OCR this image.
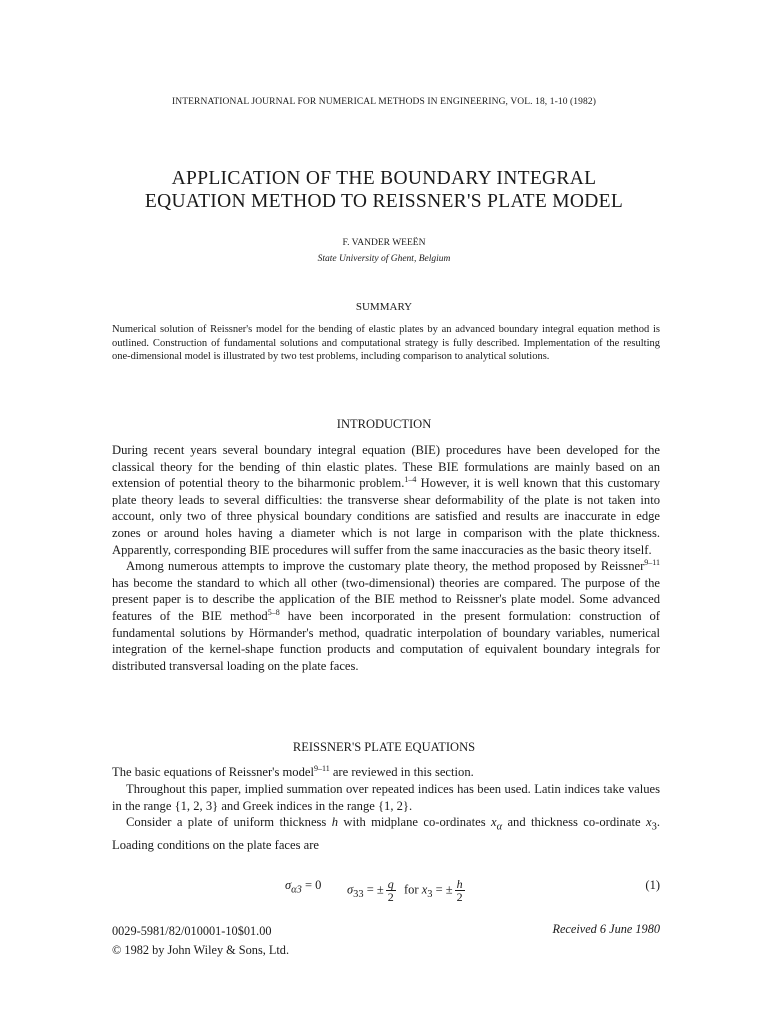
INTERNATIONAL JOURNAL FOR NUMERICAL METHODS IN ENGINEERING, VOL. 18, 1-10 (1982)
APPLICATION OF THE BOUNDARY INTEGRAL
EQUATION METHOD TO REISSNER'S PLATE MODEL
F. VANDER WEEËN
State University of Ghent, Belgium
SUMMARY
Numerical solution of Reissner's model for the bending of elastic plates by an advanced boundary integral equation method is outlined. Construction of fundamental solutions and computational strategy is fully described. Implementation of the resulting one-dimensional model is illustrated by two test problems, including comparison to analytical solutions.
INTRODUCTION

During recent years several boundary integral equation (BIE) procedures have been developed for the classical theory for the bending of thin elastic plates. These BIE formulations are mainly based on an extension of potential theory to the biharmonic problem.$^{1-4}$ However, it is well known that this customary plate theory leads to several difficulties: the transverse shear deformability of the plate is not taken into account, only two of three physical boundary conditions are satisfied and results are inaccurate in edge zones or around holes having a diameter which is not large in comparison with the plate thickness. Apparently, corresponding BIE procedures will suffer from the same inaccuracies as the basic theory itself.

Among numerous attempts to improve the customary plate theory, the method proposed by Reissner$^{9-11}$ has become the standard to which all other (two-dimensional) theories are compared. The purpose of the present paper is to describe the application of the BIE method to Reissner's plate model. Some advanced features of the BIE method$^{5-8}$ have been incorporated in the present formulation: construction of fundamental solutions by Hörmander's method, quadratic interpolation of boundary variables, numerical integration of the kernel-shape function products and computation of equivalent boundary integrals for distributed transversal loading on the plate faces.

REISSNER'S PLATE EQUATIONS

The basic equations of Reissner's model$^{9-11}$ are reviewed in this section.

Throughout this paper, implied summation over repeated indices has been used. Latin indices take values in the range {1, 2, 3} and Greek indices in the range {1, 2}.

Consider a plate of uniform thickness h with midplane co-ordinates $x_\alpha$ and thickness co-ordinate $x_3$. Loading conditions on the plate faces are

$\sigma_{\alpha 3} = 0$ $\sigma_{33}$ = ± $\frac{q}{2}$ for $x_3$ = ± $\frac{h}{2}$	(1)
0029-5981/82/010001-10$01.00
© 1982 by John Wiley & Sons, Ltd.
Received 6 June 1980
